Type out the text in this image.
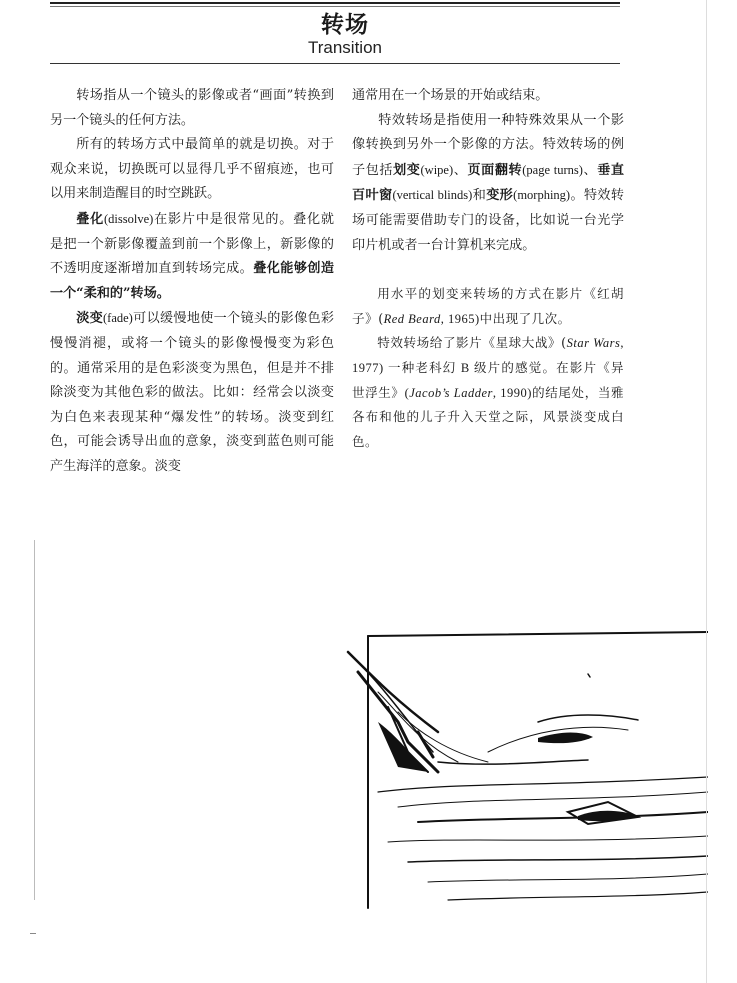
转场
Transition

转场指从一个镜头的影像或者“画面”转换到另一个镜头的任何方法。

所有的转场方式中最简单的就是切换。对于观众来说，切换既可以显得几乎不留痕迹，也可以用来制造醒目的时空跳跃。

叠化(dissolve)在影片中是很常见的。叠化就是把一个新影像覆盖到前一个影像上，新影像的不透明度逐渐增加直到转场完成。叠化能够创造一个“柔和的”转场。

淡变(fade)可以缓慢地使一个镜头的影像色彩慢慢消褪，或将一个镜头的影像慢慢变为彩色的。通常采用的是色彩淡变为黑色，但是并不排除淡变为其他色彩的做法。比如：经常会以淡变为白色来表现某种“爆发性”的转场。淡变到红色，可能会诱导出血的意象，淡变到蓝色则可能产生海洋的意象。淡变

通常用在一个场景的开始或结束。

特效转场是指使用一种特殊效果从一个影像转换到另外一个影像的方法。特效转场的例子包括划变(wipe)、页面翻转(page turns)、垂直百叶窗(vertical blinds)和变形(morphing)。特效转场可能需要借助专门的设备，比如说一台光学印片机或者一台计算机来完成。

用水平的划变来转场的方式在影片《红胡子》(Red Beard, 1965)中出现了几次。

特效转场给了影片《星球大战》(Star Wars, 1977) 一种老科幻 B 级片的感觉。在影片《异世浮生》(Jacob’s Ladder, 1990)的结尾处，当雅各布和他的儿子升入天堂之际，风景淡变成白色。
